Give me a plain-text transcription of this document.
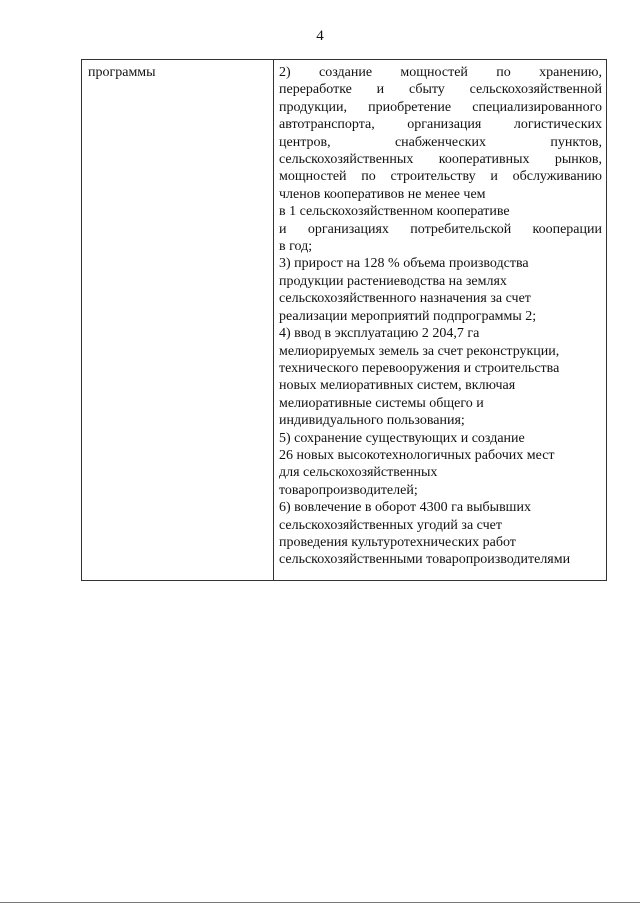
4
программы	2) создание мощностей по хранению,
переработке и сбыту сельскохозяйственной
продукции, приобретение специализированного
автотранспорта, организация логистических
центров, снабженческих пунктов,
сельскохозяйственных кооперативных рынков,
мощностей по строительству и обслуживанию
членов кооперативов не менее чем
в 1 сельскохозяйственном кооперативе
и организациях потребительской кооперации
в год;
3) прирост на 128 % объема производства
продукции растениеводства на землях
сельскохозяйственного назначения за счет
реализации мероприятий подпрограммы 2;
4) ввод в эксплуатацию 2 204,7 га
мелиорируемых земель за счет реконструкции,
технического перевооружения и строительства
новых мелиоративных систем, включая
мелиоративные системы общего и
индивидуального пользования;
5) сохранение существующих и создание
26 новых высокотехнологичных рабочих мест
для сельскохозяйственных
товаропроизводителей;
6) вовлечение в оборот 4300 га выбывших
сельскохозяйственных угодий за счет
проведения культуротехнических работ
сельскохозяйственными товаропроизводителями
